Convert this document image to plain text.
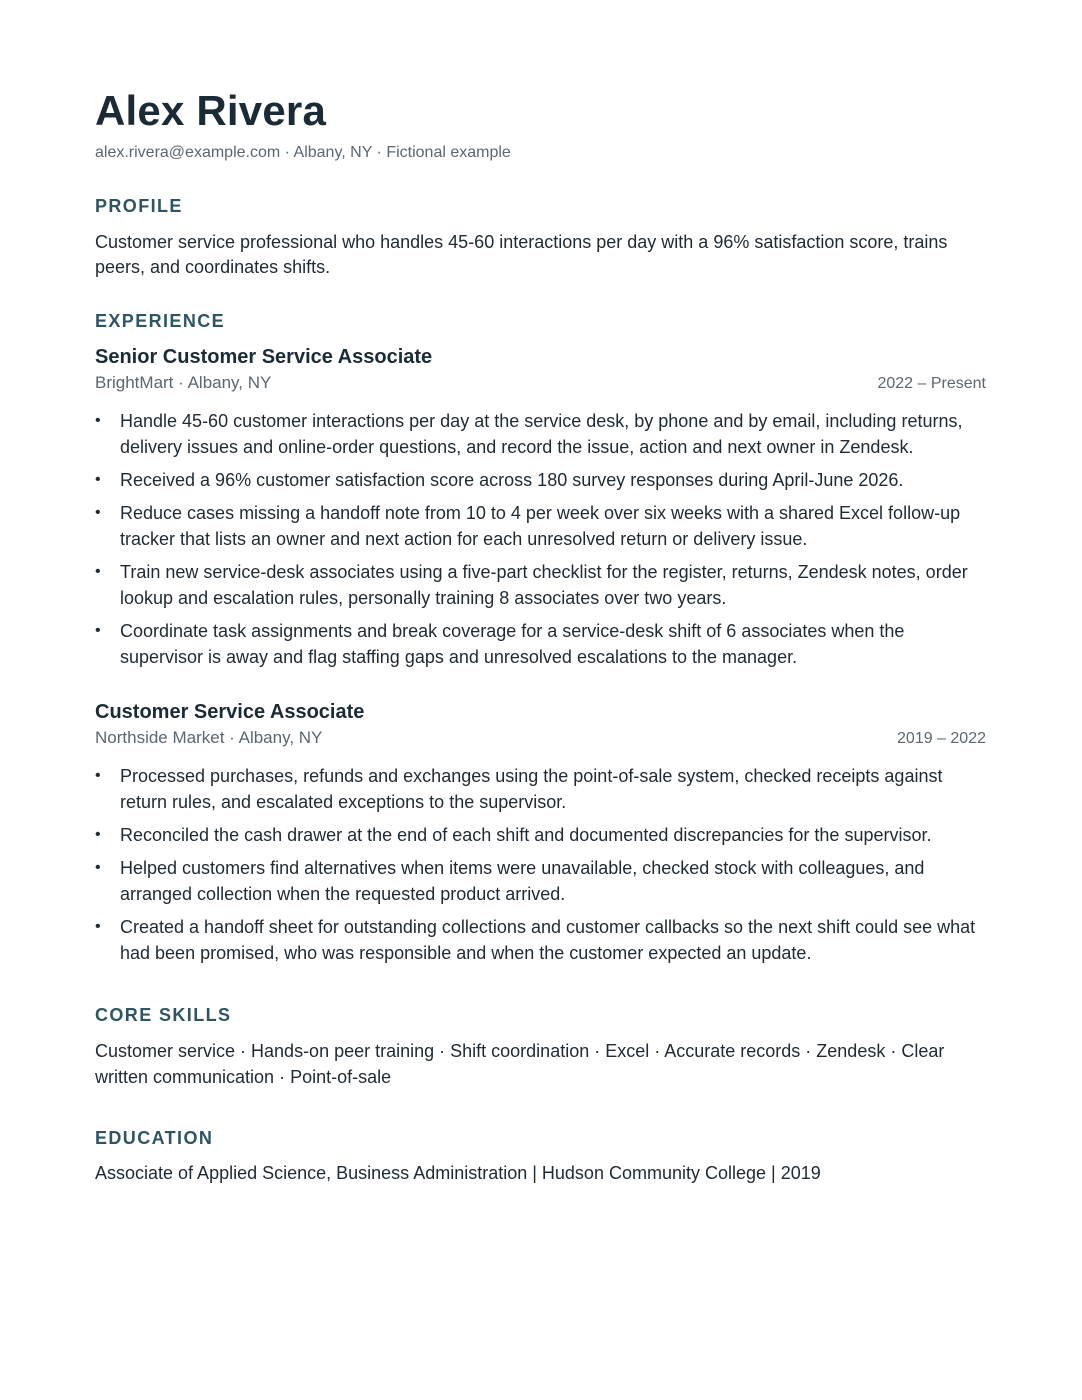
Alex Rivera
alex.rivera@example.com · Albany, NY · Fictional example
PROFILE
Customer service professional who handles 45-60 interactions per day with a 96% satisfaction score, trains peers, and coordinates shifts.
EXPERIENCE
Senior Customer Service Associate
BrightMart · Albany, NY	2022 – Present
•	Handle 45-60 customer interactions per day at the service desk, by phone and by email, including returns, delivery issues and online-order questions, and record the issue, action and next owner in Zendesk.
•	Received a 96% customer satisfaction score across 180 survey responses during April-June 2026.
•	Reduce cases missing a handoff note from 10 to 4 per week over six weeks with a shared Excel follow-up tracker that lists an owner and next action for each unresolved return or delivery issue.
•	Train new service-desk associates using a five-part checklist for the register, returns, Zendesk notes, order lookup and escalation rules, personally training 8 associates over two years.
•	Coordinate task assignments and break coverage for a service-desk shift of 6 associates when the supervisor is away and flag staffing gaps and unresolved escalations to the manager.
Customer Service Associate
Northside Market · Albany, NY	2019 – 2022
•	Processed purchases, refunds and exchanges using the point-of-sale system, checked receipts against return rules, and escalated exceptions to the supervisor.
•	Reconciled the cash drawer at the end of each shift and documented discrepancies for the supervisor.
•	Helped customers find alternatives when items were unavailable, checked stock with colleagues, and arranged collection when the requested product arrived.
•	Created a handoff sheet for outstanding collections and customer callbacks so the next shift could see what had been promised, who was responsible and when the customer expected an update.
CORE SKILLS
Customer service · Hands-on peer training · Shift coordination · Excel · Accurate records · Zendesk · Clear written communication · Point-of-sale
EDUCATION
Associate of Applied Science, Business Administration | Hudson Community College | 2019
